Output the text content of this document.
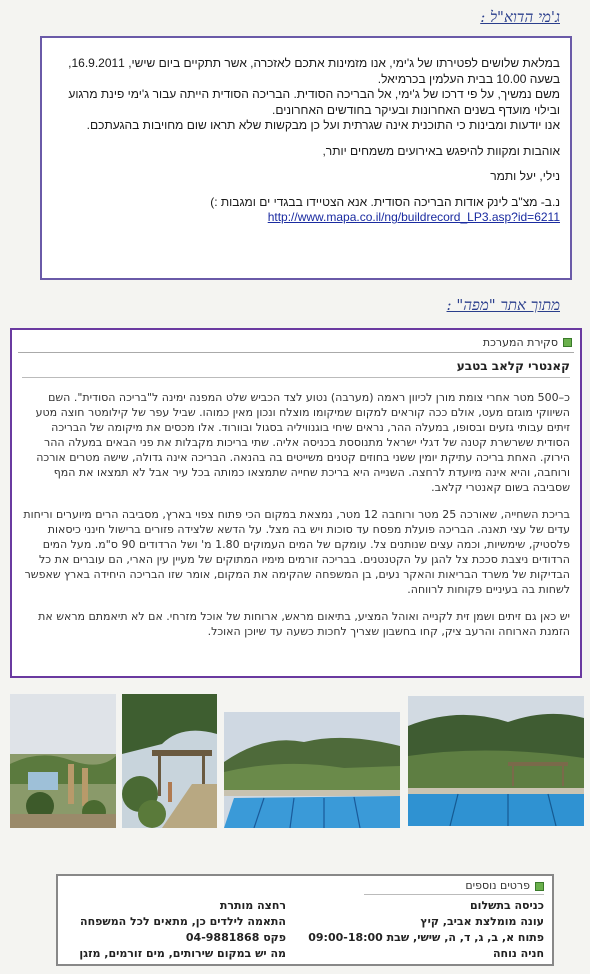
ג'מי הדוא"ל :

במלאת שלושים לפטירתו של ג'ימי, אנו מזמינות אתכם לאזכרה, אשר תתקיים ביום שישי, 16.9.2011, בשעה 10.00 בבית העלמין בכרמיאל.

משם נמשיך, על פי דרכו של ג'ימי, אל הבריכה הסודית. הבריכה הסודית הייתה עבור ג'ימי פינת מרגוע ובילוי מועדף בשנים האחרונות ובעיקר בחודשים האחרונים.

אנו יודעות ומבינות כי התוכנית אינה שגרתית ועל כן מבקשות שלא תראו שום מחויבות בהגעתכם.

אוהבות ומקוות להיפגש באירועים משמחים יותר,

נילי, יעל ותמר

נ.ב- מצ"ב לינק אודות הבריכה הסודית. אנא הצטיידו בבגדי ים ומגבות :)

http://www.mapa.co.il/ng/buildrecord_LP3.asp?id=6211

מתוך אתר "מפה" :
סקירת המערכת
קאנטרי קלאב בטבע

כ–500 מטר אחרי צומת מורן לכיוון ראמה (מערבה) נטוע לצד הכביש שלט המפנה ימינה ל"בריכה הסודית". השם השיווקי מוגזם מעט, אולם ככה קוראים למקום שמיקומו מוצלח ונכון מאין כמוהו. שביל עפר של קילומטר חוצה מטע זיתים עבותי גזעים ובסופו, במעלה ההר, נראים שיחי בוגנוויליה בסגול ובוורוד. אלו מכסים את מיקומה של הבריכה הסודית ששרשרת קטנה של דגלי ישראל מתנוססת בכניסה אליה. שתי בריכות מקבלות את פני הבאים במעלה ההר הירוק. האחת בריכה עתיקת יומין ששני בחוזים קטנים משייטים בה בהנאה. הבריכה אינה גדולה, שישה מטרים אורכה ורוחבה, והיא אינה מיועדת לרחצה. השנייה היא בריכת שחייה שתמצאו כמותה בכל עיר אבל לא תמצאו את המף שסביבה בשום קאנטרי קלאב.

בריכת השחייה, שאורכה 25 מטר ורוחבה 12 מטר, נמצאת במקום הכי פתוח צפוי בארץ, מסביבה הרים מיוערים וריחות עדים של עצי תאנה. הבריכה פועלת מפסח עד סוכות ויש בה מצל. על הדשא שלצידה פזורים ברישול חינני כיסאות פלסטיק, שימשיות, וכמה עצים שנותנים צל. עומקם של המים העמוקים 1.80 מ' ושל הרדודים 90 ס"מ. מעל המים הרדודים ניצבת סככת צל להגן על הקטנטנים. בבריכה זורמים מימיו המתוקים של מעיין עין הארי, הם עוברים את כל הבדיקות של משרד הבריאות והאקר נעים, בן המשפחה שהקימה את המקום, אומר שזו הבריכה היחידה בארץ שאפשר לשחות בה בעיניים פקוחות לרווחה.

יש כאן גם זיתים ושמן זית לקנייה ואוהל המציע, בתיאום מראש, ארוחות של אוכל מזרחי. אם לא תיאמתם מראש את הזמנת הארוחה והרעב ציק, קחו בחשבון שצריך לחכות כשעה עד שיוכן האוכל.

פרטים נוספים
כניסה בתשלום
עונה מומלצת אביב, קיץ
פתוח א, ב, ג, ד, ה, שישי, שבת 09:00-18:00
חניה נוחה
רחצה מותרת
התאמה לילדים כן, מתאים לכל המשפחה
פקס 04-9881868
מה יש במקום שירותים, מים זורמים, מזגן
